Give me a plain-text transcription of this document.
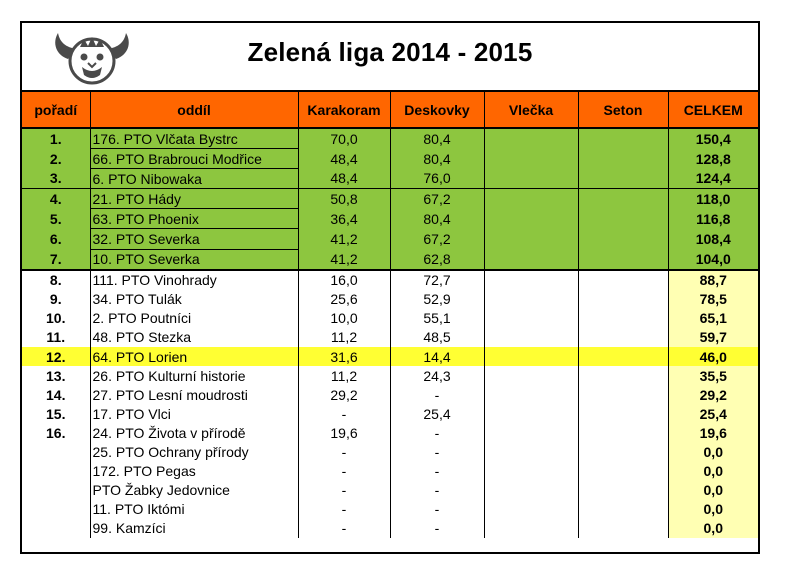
Zelená liga 2014 - 2015
pořadí	oddíl	Karakoram	Deskovky	Vlečka	Seton	CELKEM
1.	176. PTO Vlčata Bystrc	70,0	80,4			150,4
2.	66. PTO Brabrouci Modřice	48,4	80,4			128,8
3.	6. PTO Nibowaka	48,4	76,0			124,4
4.	21. PTO Hády	50,8	67,2			118,0
5.	63. PTO Phoenix	36,4	80,4			116,8
6.	32. PTO Severka	41,2	67,2			108,4
7.	10. PTO Severka	41,2	62,8			104,0
8.	111. PTO Vinohrady	16,0	72,7			88,7
9.	34. PTO Tulák	25,6	52,9			78,5
10.	2. PTO Poutníci	10,0	55,1			65,1
11.	48. PTO Stezka	11,2	48,5			59,7
12.	64. PTO Lorien	31,6	14,4			46,0
13.	26. PTO Kulturní historie	11,2	24,3			35,5
14.	27. PTO Lesní moudrosti	29,2	-			29,2
15.	17. PTO Vlci	-	25,4			25,4
16.	24. PTO Života v přírodě	19,6	-			19,6
	25. PTO Ochrany přírody	-	-			0,0
	172. PTO Pegas	-	-			0,0
	PTO Žabky Jedovnice	-	-			0,0
	11. PTO Iktómi	-	-			0,0
	99. Kamzíci	-	-			0,0
